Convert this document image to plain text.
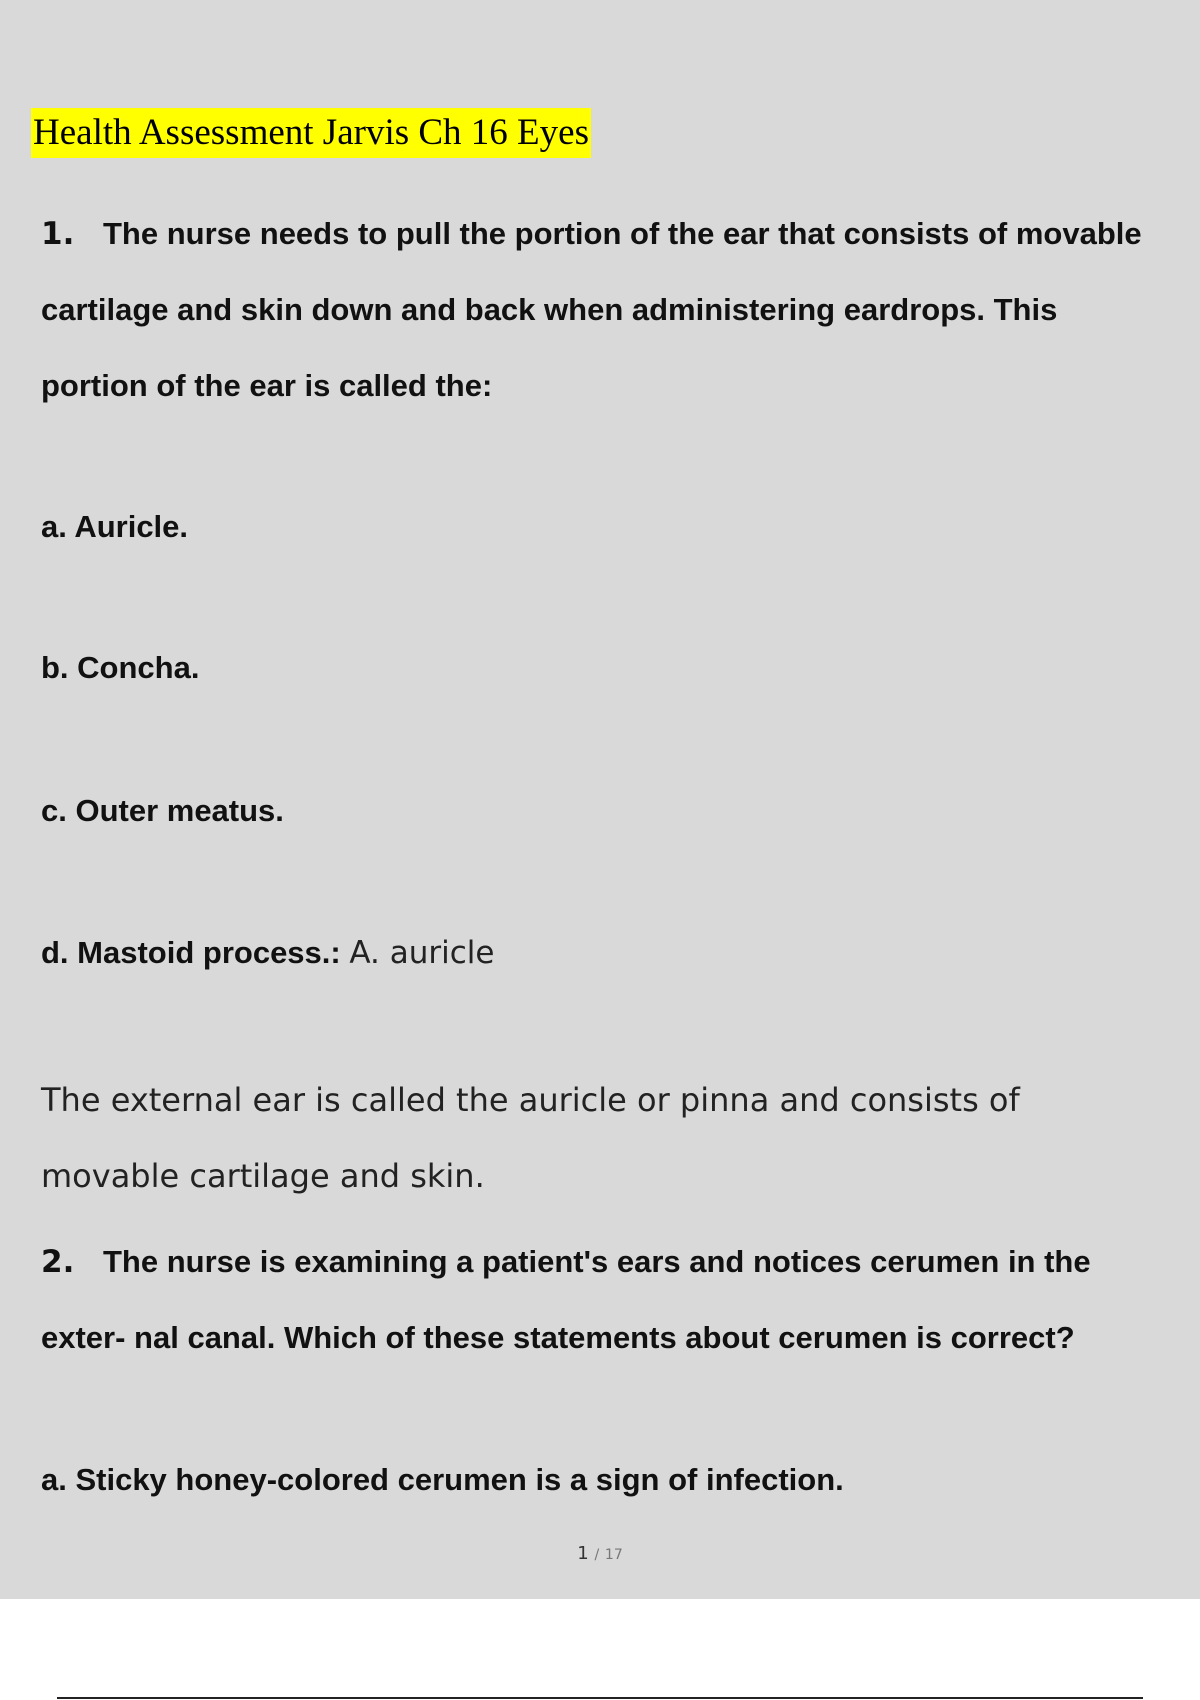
Health Assessment Jarvis Ch 16 Eyes
1. The nurse needs to pull the portion of the ear that consists of movable
cartilage and skin down and back when administering eardrops. This
portion of the ear is called the:
a. Auricle.
b. Concha.
c. Outer meatus.
d. Mastoid process.: A. auricle
The external ear is called the auricle or pinna and consists of
movable cartilage and skin.
2. The nurse is examining a patient's ears and notices cerumen in the
exter- nal canal. Which of these statements about cerumen is correct?
a. Sticky honey-colored cerumen is a sign of infection.
1 / 17
